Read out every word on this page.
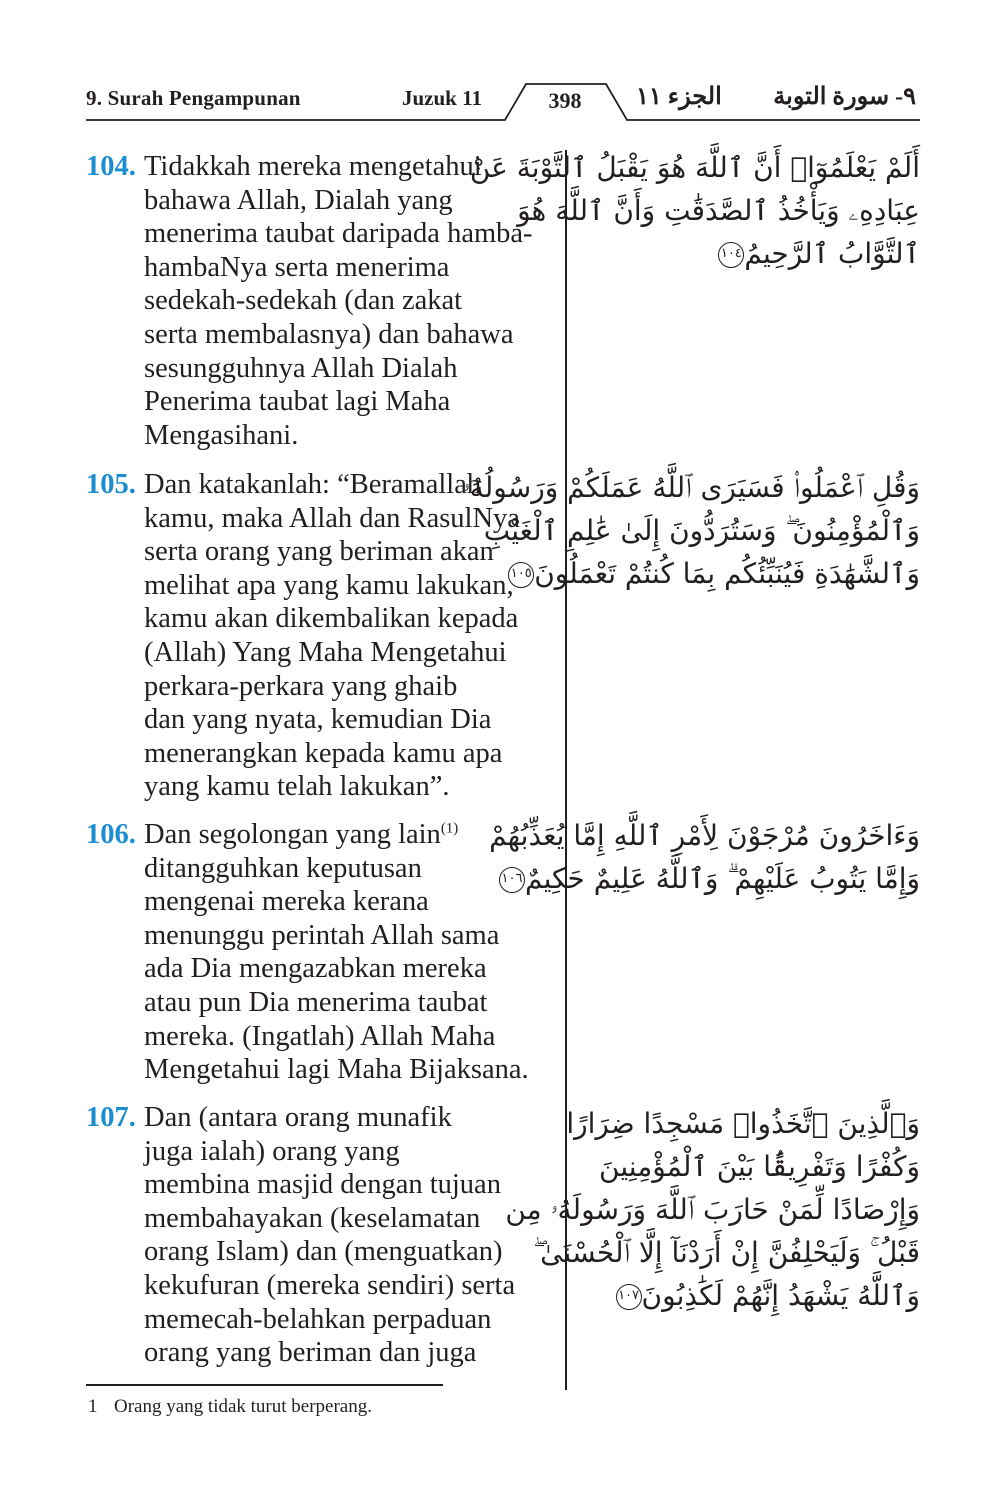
9. Surah Pengampunan	Juzuk 11	398	الجزء ١١ ٩- سورة التوبة
104. Tidakkah mereka mengetahui
bahawa Allah, Dialah yang
menerima taubat daripada hamba-
hambaNya serta menerima
sedekah-sedekah (dan zakat
serta membalasnya) dan bahawa
sesungguhnya Allah Dialah
Penerima taubat lagi Maha
Mengasihani.
أَلَمْ يَعْلَمُوٓا۟ أَنَّ ٱللَّهَ هُوَ يَقْبَلُ ٱلتَّوْبَةَ عَنْ
عِبَادِهِۦ وَيَأْخُذُ ٱلصَّدَقَٰتِ وَأَنَّ ٱللَّهَ هُوَ
ٱلتَّوَّابُ ٱلرَّحِيمُ١٠٤
105. Dan katakanlah: “Beramallah
kamu, maka Allah dan RasulNya
serta orang yang beriman akan
melihat apa yang kamu lakukan,
kamu akan dikembalikan kepada
(Allah) Yang Maha Mengetahui
perkara-perkara yang ghaib
dan yang nyata, kemudian Dia
menerangkan kepada kamu apa
yang kamu telah lakukan”.
وَقُلِ ٱعْمَلُوا۟ فَسَيَرَى ٱللَّهُ عَمَلَكُمْ وَرَسُولُهُۥ
وَٱلْمُؤْمِنُونَ ۖ وَسَتُرَدُّونَ إِلَىٰ عَٰلِمِ ٱلْغَيْبِ
وَٱلشَّهَٰدَةِ فَيُنَبِّئُكُم بِمَا كُنتُمْ تَعْمَلُونَ١٠٥
106. Dan segolongan yang lain$^{(1)}$
ditangguhkan keputusan
mengenai mereka kerana
menunggu perintah Allah sama
ada Dia mengazabkan mereka
atau pun Dia menerima taubat
mereka. (Ingatlah) Allah Maha
Mengetahui lagi Maha Bijaksana.
وَءَاخَرُونَ مُرْجَوْنَ لِأَمْرِ ٱللَّهِ إِمَّا يُعَذِّبُهُمْ
وَإِمَّا يَتُوبُ عَلَيْهِمْ ۗ وَٱللَّهُ عَلِيمٌ حَكِيمٌ١٠٦
107. Dan (antara orang munafik
juga ialah) orang yang
membina masjid dengan tujuan
membahayakan (keselamatan
orang Islam) dan (menguatkan)
kekufuran (mereka sendiri) serta
memecah-belahkan perpaduan
orang yang beriman dan juga
وَٱلَّذِينَ ٱتَّخَذُوا۟ مَسْجِدًا ضِرَارًا
وَكُفْرًا وَتَفْرِيقًۢا بَيْنَ ٱلْمُؤْمِنِينَ
وَإِرْصَادًا لِّمَنْ حَارَبَ ٱللَّهَ وَرَسُولَهُۥ مِن
قَبْلُ ۚ وَلَيَحْلِفُنَّ إِنْ أَرَدْنَآ إِلَّا ٱلْحُسْنَىٰ ۖ
وَٱللَّهُ يَشْهَدُ إِنَّهُمْ لَكَٰذِبُونَ١٠٧
1 Orang yang tidak turut berperang.
